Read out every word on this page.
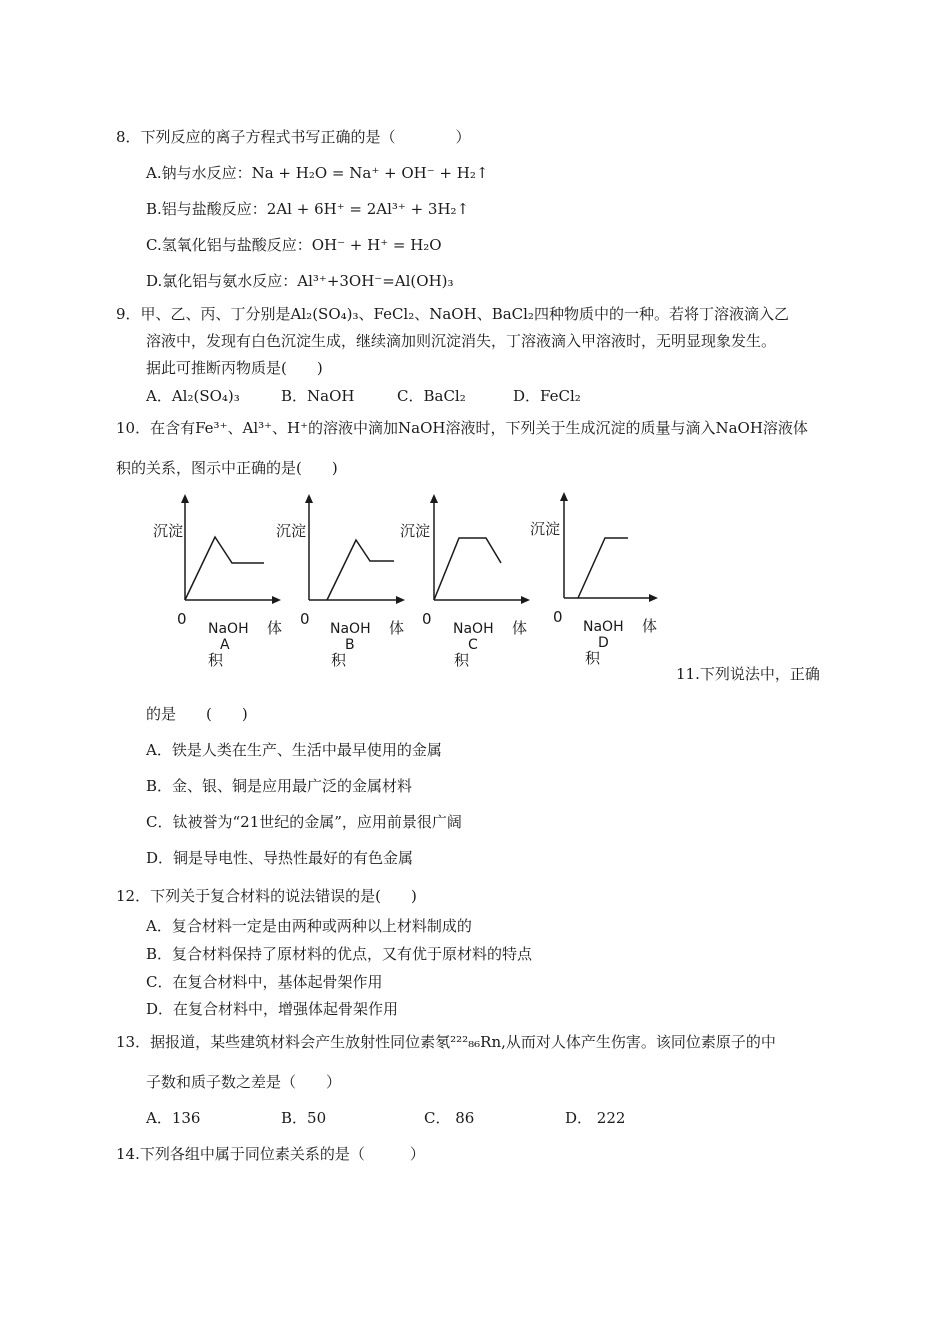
8．下列反应的离子方程式书写正确的是（　　　　）
A.钠与水反应：Na + H₂O = Na⁺ + OH⁻ + H₂↑
B.铝与盐酸反应：2Al + 6H⁺ = 2Al³⁺ + 3H₂↑
C.氢氧化铝与盐酸反应：OH⁻ + H⁺ = H₂O
D.氯化铝与氨水反应：Al³⁺+3OH⁻=Al(OH)₃
9．甲、乙、丙、丁分别是Al₂(SO₄)₃、FeCl₂、NaOH、BaCl₂四种物质中的一种。若将丁溶液滴入乙
溶液中，发现有白色沉淀生成，继续滴加则沉淀消失，丁溶液滴入甲溶液时，无明显现象发生。
据此可推断丙物质是(　　)
A．Al₂(SO₄)₃	B．NaOH	C．BaCl₂	D．FeCl₂
10．在含有Fe³⁺、Al³⁺、H⁺的溶液中滴加NaOH溶液时，下列关于生成沉淀的质量与滴入NaOH溶液体
积的关系，图示中正确的是(　　)
沉淀
0
NaOH 体
A
积
沉淀
0
NaOH 体
B
积
沉淀
0
NaOH 体
C
积
沉淀
0
NaOH 体
D
积
11.下列说法中，正确
的是　　(　　)
A．铁是人类在生产、生活中最早使用的金属
B．金、银、铜是应用最广泛的金属材料
C．钛被誉为“21世纪的金属”，应用前景很广阔
D．铜是导电性、导热性最好的有色金属
12．下列关于复合材料的说法错误的是(　　)
A．复合材料一定是由两种或两种以上材料制成的
B．复合材料保持了原材料的优点，又有优于原材料的特点
C．在复合材料中，基体起骨架作用
D．在复合材料中，增强体起骨架作用
13．据报道，某些建筑材料会产生放射性同位素氡²²²₈₆Rn,从而对人体产生伤害。该同位素原子的中
子数和质子数之差是（　　）
A．136	B．50	C． 86	D． 222
14.下列各组中属于同位素关系的是（　　　）
